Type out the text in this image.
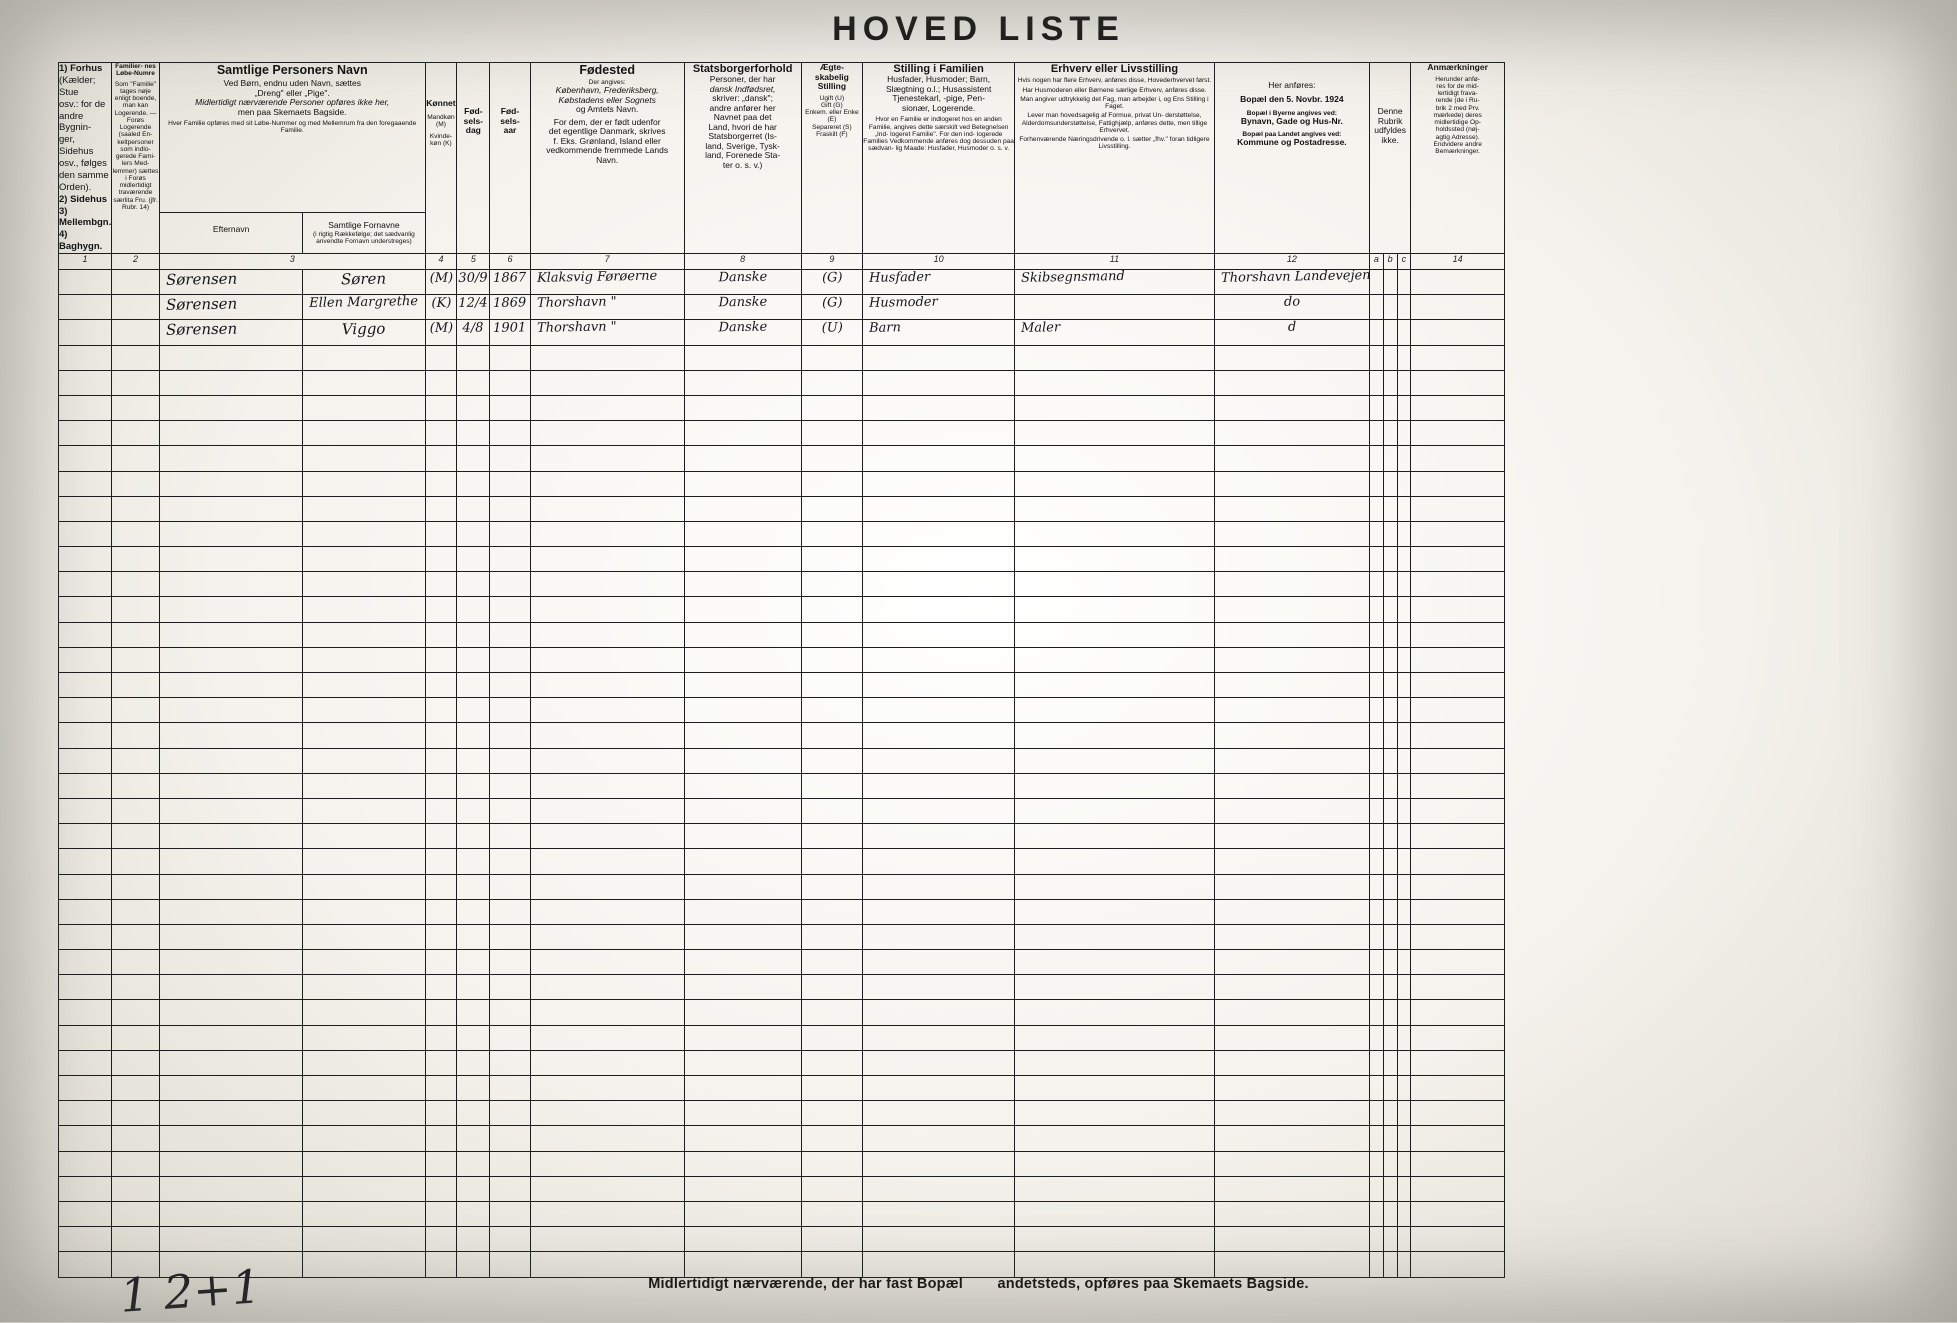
HOVED LISTE
1) Forhus
(Kælder; Stue
osv.: for de
andre Bygnin-
ger, Sidehus
osv., følges
den samme
Orden).
2) Sidehus
3) Mellembgn.
4) Baghygn.

Familier- nes Løbe-Numre
Som "Familie" tages nøje enligt boende, man kan Logerende. — Forøs Logerende (saaled En- keltpersoner som indlo- gerede Fami- lers Med- lemmer) sættes i Forøs midlertidigt traværende særlita Fru. (jfr. Rubr. 14)

Samtlige Personers Navn
Ved Børn, endnu uden Navn, sættes
„Dreng" eller „Pige".
Midlertidigt nærværende Personer opføres ikke her,
men paa Skemaets Bagside.
Hver Familie opføres med sit Løbe-Nummer og med Mellemrum fra den foregaaende Familie.

Kønnet
Mandkøn (M)
Kvinde- køn (K)

Fød-
sels-
dag

Fød-
sels-
aar

Fødested
Der angives:
København, Frederiksberg,
Købstadens eller Sognets
og Amtets Navn.
For dem, der er født udenfor
det egentlige Danmark, skrives
f. Eks. Grønland, Island eller
vedkommende fremmede Lands
Navn.

Statsborgerforhold
Personer, der har
dansk Indfødsret,
skriver: „dansk";
andre anfører her
Navnet paa det
Land, hvori de har
Statsborgerret (Is-
land, Sverige, Tysk-
land, Forenede Sta-
ter o. s. v.)

Ægte-
skabelig
Stilling
Ugift (U)
Gift (G)
Enkem. eller Enke (E)
Separeret (S)
Fraskilt (F)

Stilling i Familien
Husfader, Husmoder; Barn,
Slægtning o.l.; Husassistent
Tjenestekarl, -pige, Pen-
sionær, Logerende.
Hvor en Familie er indlogeret hos en anden Familie, angives dette særskilt ved Betegnelsen „Ind- logeret Familie". For den ind- logerede Families Vedkommende anføres dog dessuden paa sædvan- lig Maade: Husfader, Husmoder o. s. v.

Erhverv eller Livsstilling
Hvis nogen har flere Erhverv, anføres disse, Hovederhvervet først.
Har Husmoderen eller Børnene særlige Erhverv, anføres disse.
Man angiver udtrykkelig det Fag, man arbejder i, og Ens Stilling i Faget.
Lever man hovedsagelig af Formue, privat Un- derstøttelse, Alderdomsunderstøttelse, Fattighjælp, anføres dette, men tillige Erhvervet.
Forhenværende Næringsdrivende o. l. sætter „fhv." foran tidligere Livsstilling.

Her anføres:
Bopæl den 5. Novbr. 1924
Bopæl i Byerne angives ved:
Bynavn, Gade og Hus-Nr.
Bopæl paa Landet angives ved:
Kommune og Postadresse.

Denne
Rubrik
udfyldes
ikke.

Anmærkninger
Herunder anfø-
res for de mid-
lertidigt frava-
rende (de i Ru-
brik 2 med Prv.
mærkede) deres
midlertidige Op-
holdssted (nøj-
agtig Adresse).
Endvidere andre
Bemærkninger.

		Efternavn	Samtlige Fornavne
(i rigtig Rækkefølge; det sædvanlig anvendte Fornavn understreges)													

1	2	3		4	5	6	7	8	9	10	11	12	a	b	c	14

		Sørensen	Søren	(M)	30/9	1867	Klaksvig Førøerne	Danske	(G)	Husfader	Skibsegnsmand	Thorshavn Landevejen				

		Sørensen	Ellen Margrethe	(K)	12/4	1869	Thorshavn "	Danske	(G)	Husmoder		do				

		Sørensen	Viggo	(M)	4/8	1901	Thorshavn "	Danske	(U)	Barn	Maler	d				

Midlertidigt nærværende, der har fast Bopæl andetsteds, opføres paa Skemaets Bagside.
1 2+1
